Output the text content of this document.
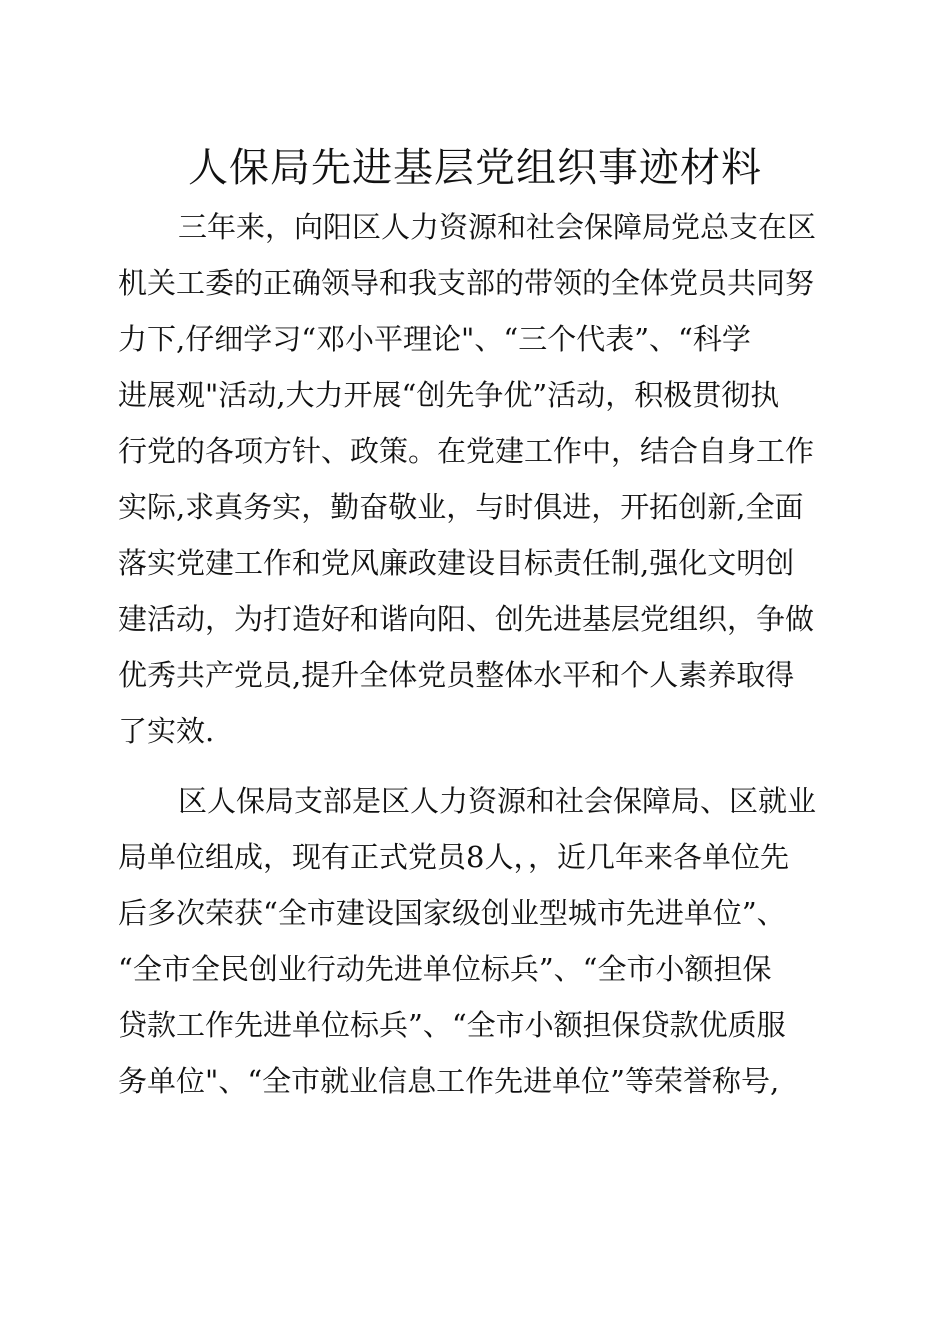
人保局先进基层党组织事迹材料
三年来，向阳区人力资源和社会保障局党总支在区
机关工委的正确领导和我支部的带领的全体党员共同努
力下,仔细学习“邓小平理论"、“三个代表”、“科学
进展观"活动,大力开展“创先争优”活动，积极贯彻执
行党的各项方针、政策。在党建工作中，结合自身工作
实际,求真务实，勤奋敬业，与时俱进，开拓创新,全面
落实党建工作和党风廉政建设目标责任制,强化文明创
建活动，为打造好和谐向阳、创先进基层党组织，争做
优秀共产党员,提升全体党员整体水平和个人素养取得
了实效.
区人保局支部是区人力资源和社会保障局、区就业
局单位组成，现有正式党员8人，，近几年来各单位先
后多次荣获“全市建设国家级创业型城市先进单位”、
“全市全民创业行动先进单位标兵”、“全市小额担保
贷款工作先进单位标兵”、“全市小额担保贷款优质服
务单位"、“全市就业信息工作先进单位”等荣誉称号,
